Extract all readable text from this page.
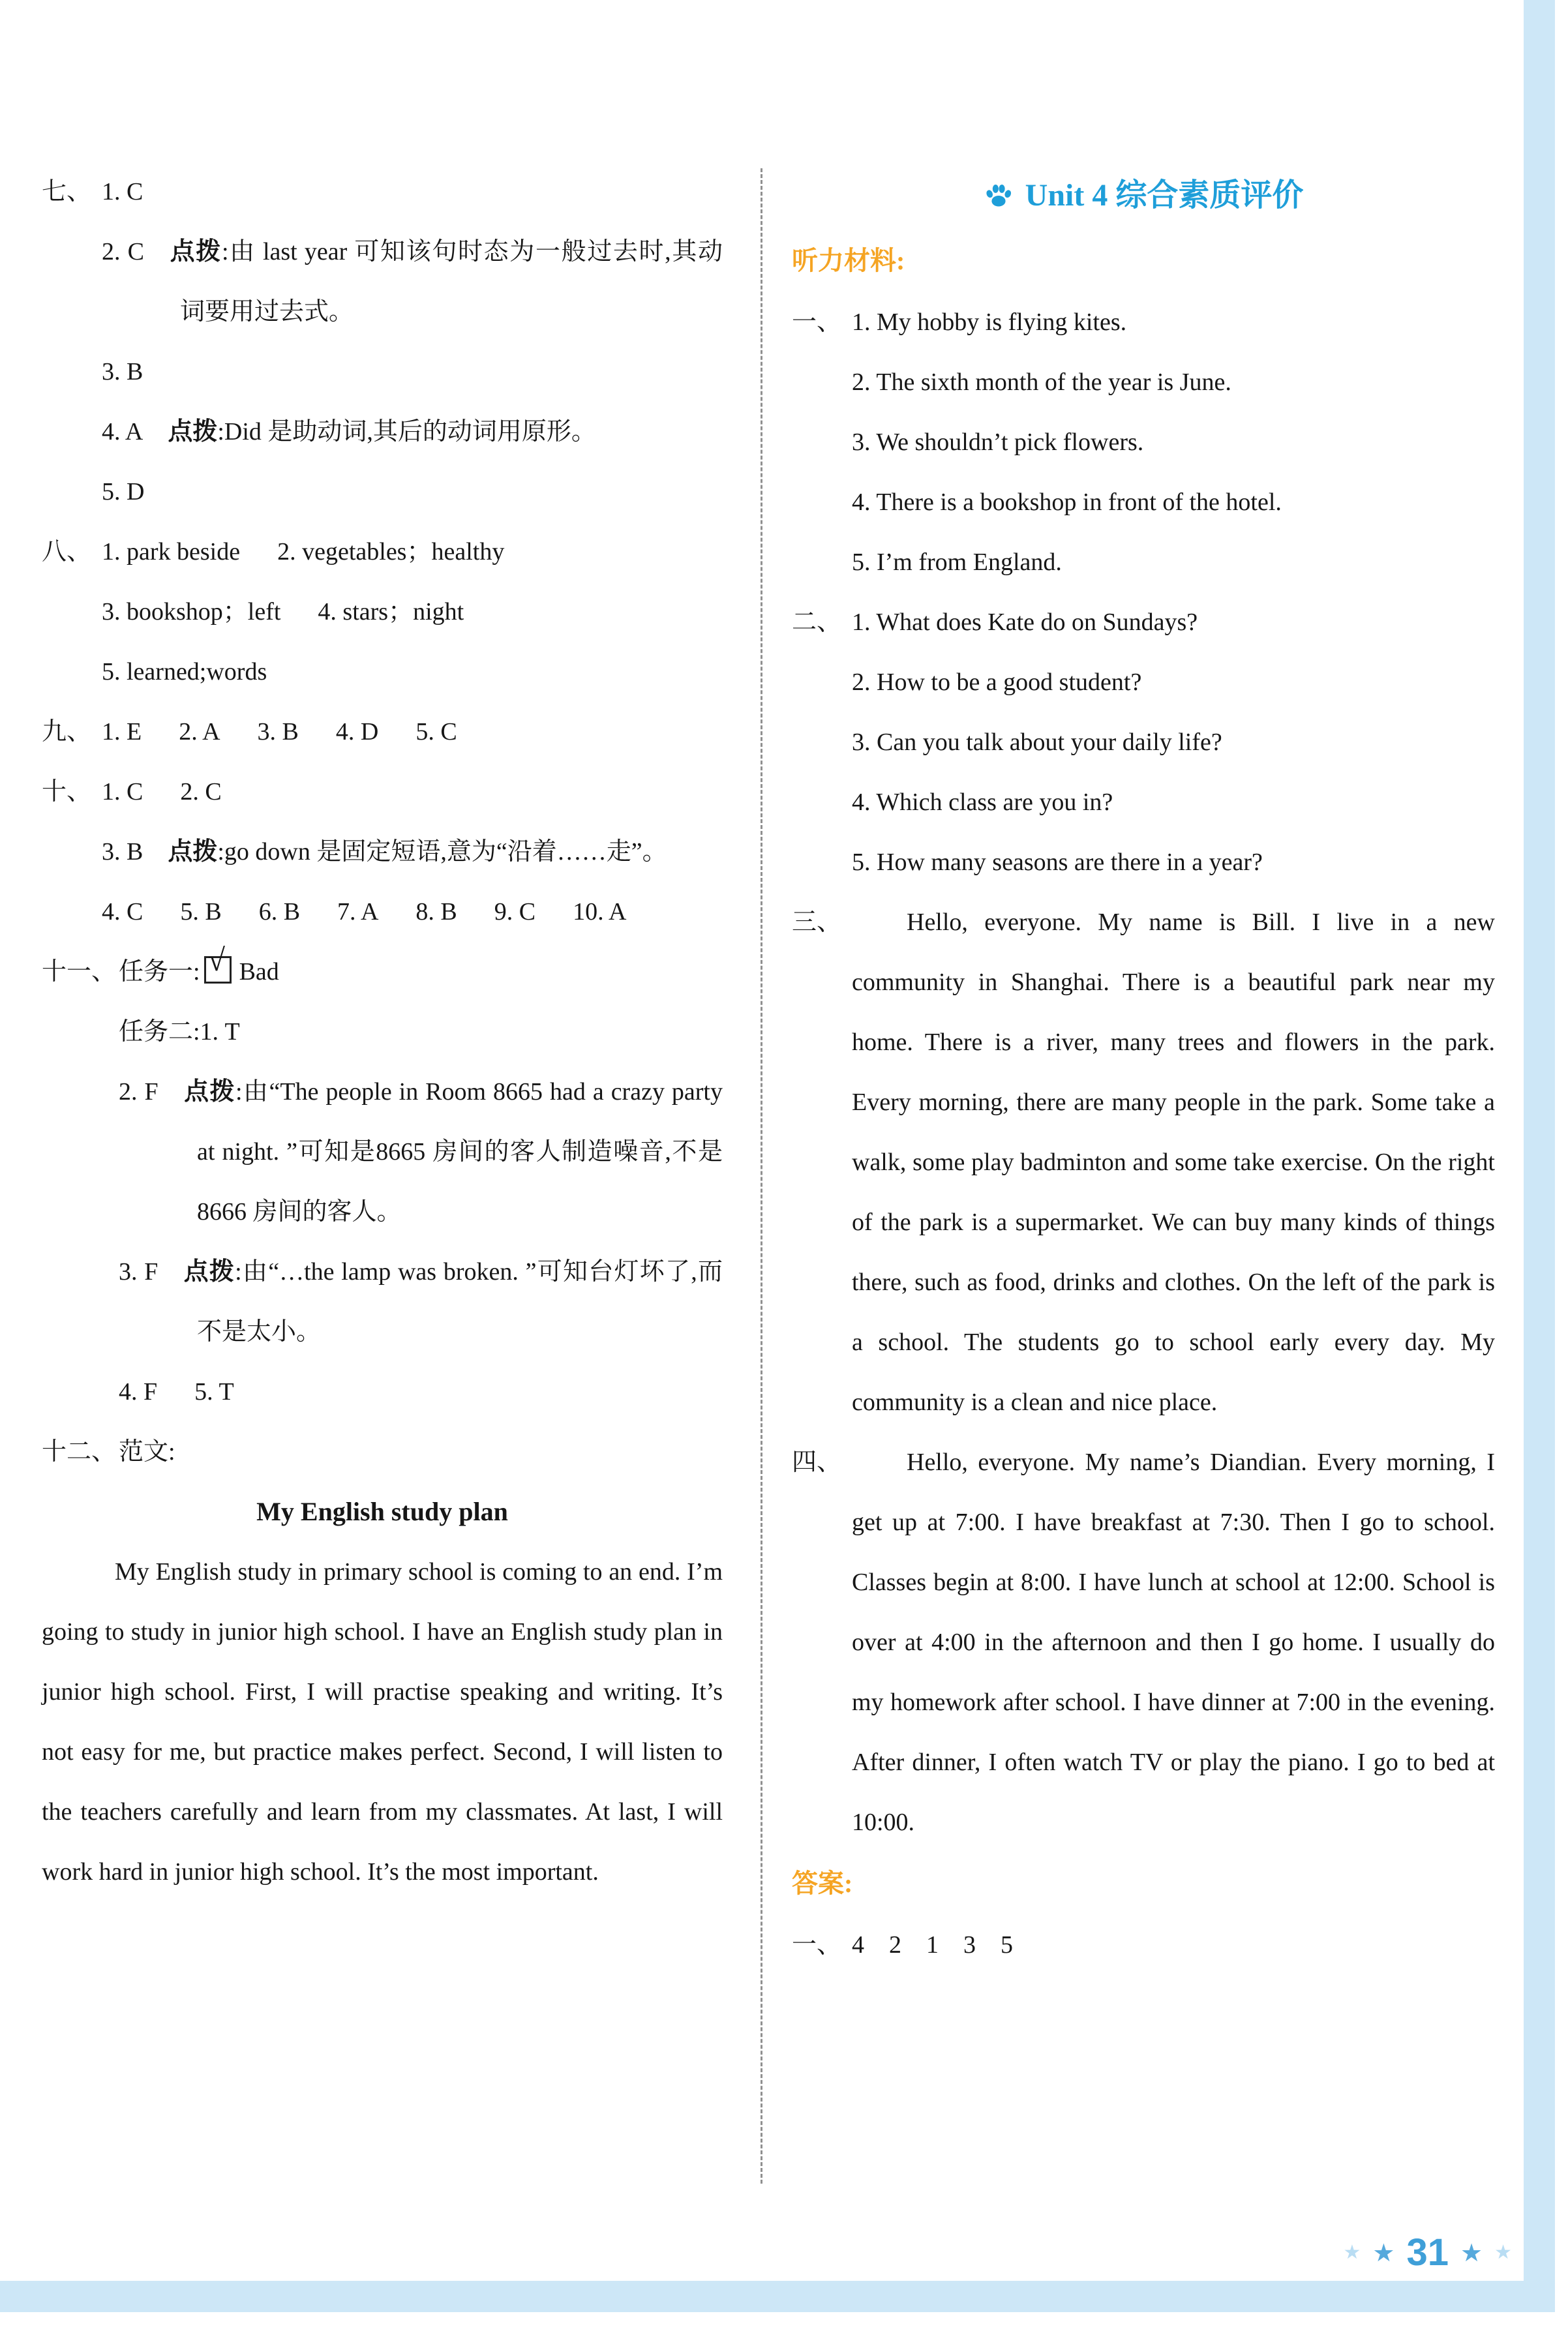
七、 1. C
2. C 点拨:由 last year 可知该句时态为一般过去时,其动词要用过去式。
3. B
4. A 点拨:Did 是助动词,其后的动词用原形。
5. D
八、 1. park beside  2. vegetables；healthy
3. bookshop；left  4. stars；night
5. learned;words
九、 1. E  2. A  3. B  4. D  5. C
十、 1. C  2. C
3. B 点拨:go down 是固定短语,意为“沿着……走”。
4. C  5. B  6. B  7. A  8. B  9. C  10. A
十一、 任务一: √ Bad
任务二:1. T
2. F 点拨:由“The people in Room 8665 had a crazy party at night. ”可知是8665 房间的客人制造噪音,不是8666 房间的客人。
3. F 点拨:由“…the lamp was broken. ”可知台灯坏了,而不是太小。
4. F  5. T
十二、 范文:
My English study plan
My English study in primary school is coming to an end. I’m going to study in junior high school. I have an English study plan in junior high school. First, I will practise speaking and writing. It’s not easy for me, but practice makes perfect. Second, I will listen to the teachers carefully and learn from my classmates. At last, I will work hard in junior high school. It’s the most important.
Unit 4 综合素质评价
听力材料:
一、 1. My hobby is flying kites.
2. The sixth month of the year is June.
3. We shouldn’t pick flowers.
4. There is a bookshop in front of the hotel.
5. I’m from England.
二、 1. What does Kate do on Sundays?
2. How to be a good student?
3. Can you talk about your daily life?
4. Which class are you in?
5. How many seasons are there in a year?
三、	Hello, everyone. My name is Bill. I live in a new community in Shanghai. There is a beautiful park near my home. There is a river, many trees and flowers in the park. Every morning, there are many people in the park. Some take a walk, some play badminton and some take exercise. On the right of the park is a supermarket. We can buy many kinds of things there, such as food, drinks and clothes. On the left of the park is a school. The students go to school early every day. My community is a clean and nice place.
四、	Hello, everyone. My name’s Diandian. Every morning, I get up at 7:00. I have breakfast at 7:30. Then I go to school. Classes begin at 8:00. I have lunch at school at 12:00. School is over at 4:00 in the afternoon and then I go home. I usually do my homework after school. I have dinner at 7:00 in the evening. After dinner, I often watch TV or play the piano. I go to bed at 10:00.
答案:
一、 4 2 1 3 5
★ ★ 31 ★ ★
